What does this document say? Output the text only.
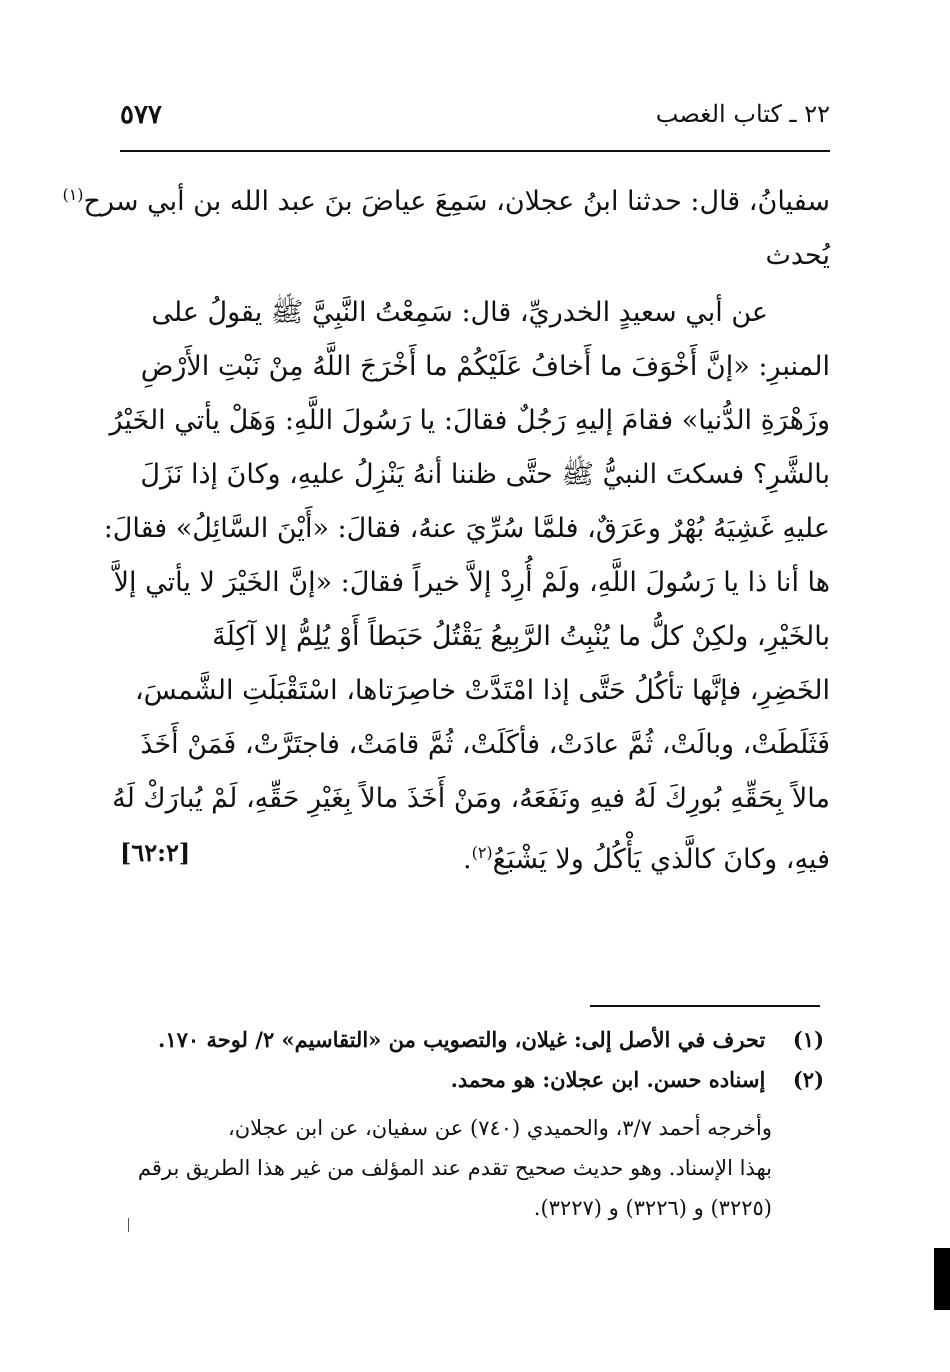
٥٧٧	٢٢ ـ كتاب الغصب
سفيانُ، قال: حدثنا ابنُ عجلان، سَمِعَ عياضَ بنَ عبد الله بن أبي سرح$^{(١)}$
يُحدث
عن أبي سعيدٍ الخدريِّ، قال: سَمِعْتُ النَّبِيَّ ﷺ يقولُ على
المنبرِ: «إنَّ أَخْوَفَ ما أَخافُ عَلَيْكُمْ ما أَخْرَجَ اللَّهُ مِنْ نَبْتِ الأَرْضِ
وزَهْرَةِ الدُّنيا» فقامَ إليهِ رَجُلٌ فقالَ: يا رَسُولَ اللَّهِ: وَهَلْ يأتي الخَيْرُ
بالشَّرِ؟ فسكتَ النبيُّ ﷺ حتَّى ظننا أنهُ يَنْزِلُ عليهِ، وكانَ إذا نَزَلَ
عليهِ غَشِيَهُ بُهْرٌ وعَرَقٌ، فلمَّا سُرِّيَ عنهُ، فقالَ: «أَيْنَ السَّائِلُ» فقالَ:
ها أنا ذا يا رَسُولَ اللَّهِ، ولَمْ أُرِدْ إلاَّ خيراً فقالَ: «إنَّ الخَيْرَ لا يأتي إلاَّ
بالخَيْرِ، ولكِنْ كلُّ ما يُنْبِتُ الرَّبِيعُ يَقْتُلُ حَبَطاً أَوْ يُلِمُّ إلا آكِلَةَ
الخَضِرِ، فإنَّها تأكُلُ حَتَّى إذا امْتَدَّتْ خاصِرَتاها، اسْتَقْبَلَتِ الشَّمسَ،
فَثَلَطَتْ، وبالَتْ، ثُمَّ عادَتْ، فأكَلَتْ، ثُمَّ قامَتْ، فاجتَرَّتْ، فَمَنْ أَخَذَ
مالاً بِحَقِّهِ بُورِكَ لَهُ فيهِ ونَفَعَهُ، ومَنْ أَخَذَ مالاً بِغَيْرِ حَقِّهِ، لَمْ يُبارَكْ لَهُ
فيهِ، وكانَ كالَّذي يَأْكُلُ ولا يَشْبَعُ$^{(٢)}$.
[٦٢:٢]
(١) تحرف في الأصل إلى: غيلان، والتصويب من «التقاسيم» ٢/ لوحة ١٧٠.
(٢) إسناده حسن. ابن عجلان: هو محمد.
وأخرجه أحمد ٣/٧، والحميدي (٧٤٠) عن سفيان، عن ابن عجلان،
بهذا الإسناد. وهو حديث صحيح تقدم عند المؤلف من غير هذا الطريق برقم
(٣٢٢٥) و (٣٢٢٦) و (٣٢٢٧).
